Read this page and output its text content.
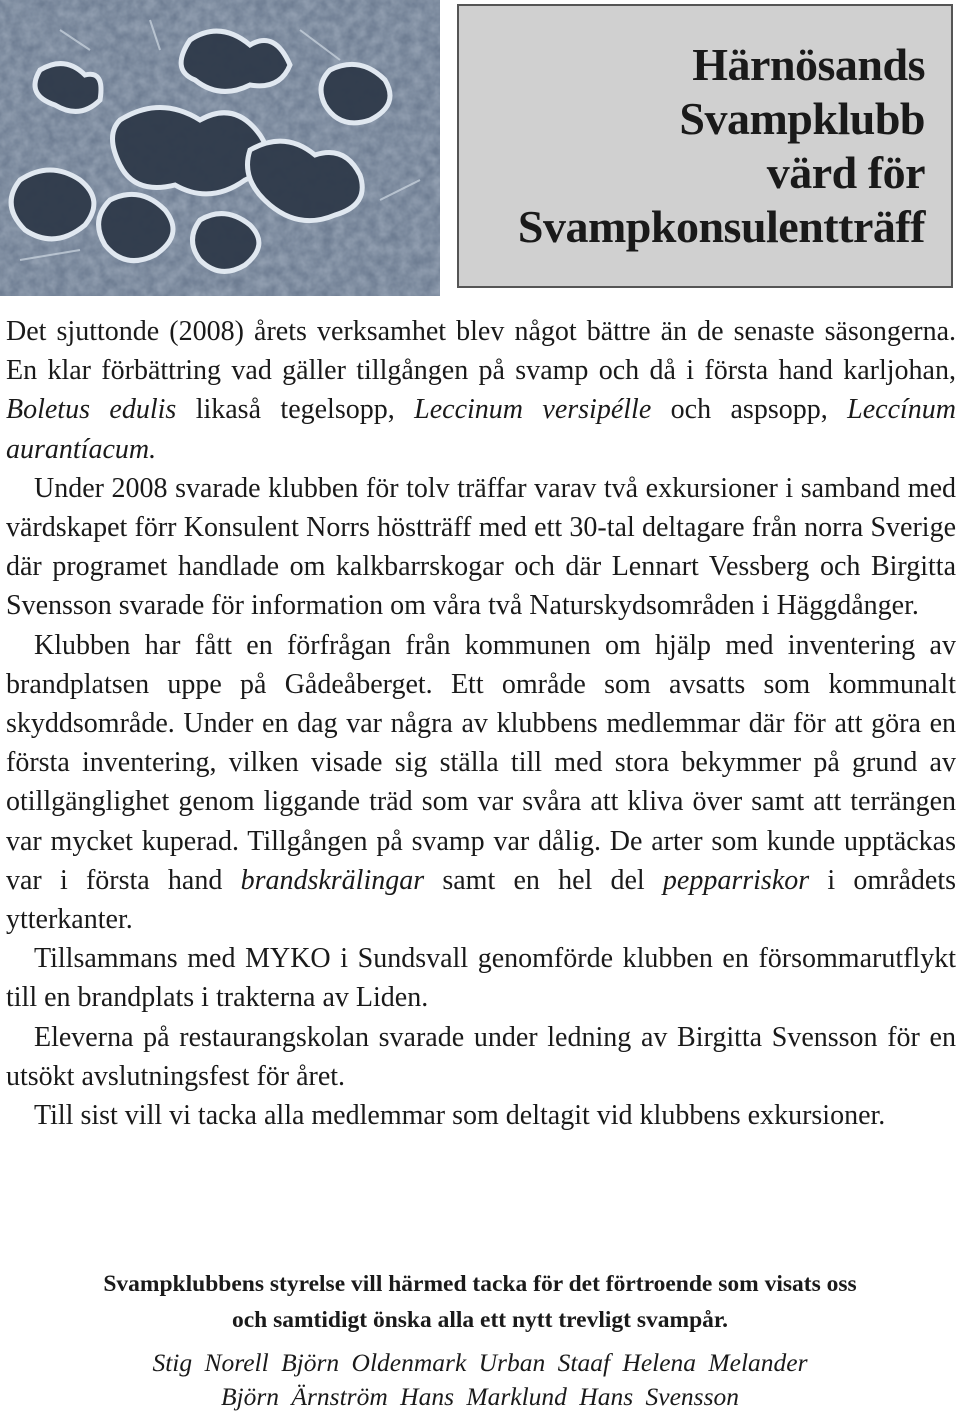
Härnösands
Svampklubb
värd för
Svampkonsulentträff

Det sjuttonde (2008) årets verksamhet blev något bättre än de senaste säsongerna. En klar förbättring vad gäller tillgången på svamp och då i första hand karljohan, Boletus edulis likaså tegelsopp, Leccinum versipélle och aspsopp, Leccínum aurantíacum.

Under 2008 svarade klubben för tolv träffar varav två exkursioner i samband med värdskapet förr Konsulent Norrs höstträff med ett 30-tal deltagare från norra Sverige där programet handlade om kalkbarrskogar och där Lennart Vessberg och Birgitta Svensson svarade för information om våra två Naturskydsområden i Häggdånger.

Klubben har fått en förfrågan från kommunen om hjälp med inventering av brandplatsen uppe på Gådeåberget. Ett område som avsatts som kommunalt skyddsområde. Under en dag var några av klubbens medlemmar där för att göra en första inventering, vilken visade sig ställa till med stora bekymmer på grund av otillgänglighet genom liggande träd som var svåra att kliva över samt att terrängen var mycket kuperad. Tillgången på svamp var dålig. De arter som kunde upptäckas var i första hand brandskrälingar samt en hel del pepparriskor i områdets ytterkanter.

Tillsammans med MYKO i Sundsvall genomförde klubben en försommarutflykt till en brandplats i trakterna av Liden.

Eleverna på restaurangskolan svarade under ledning av Birgitta Svensson för en utsökt avslutningsfest för året.

Till sist vill vi tacka alla medlemmar som deltagit vid klubbens exkursioner.

Svampklubbens styrelse vill härmed tacka för det förtroende som visats oss
och samtidigt önska alla ett nytt trevligt svampår.
Stig Norell Björn Oldenmark Urban Staaf Helena Melander
Björn Ärnström Hans Marklund Hans Svensson
